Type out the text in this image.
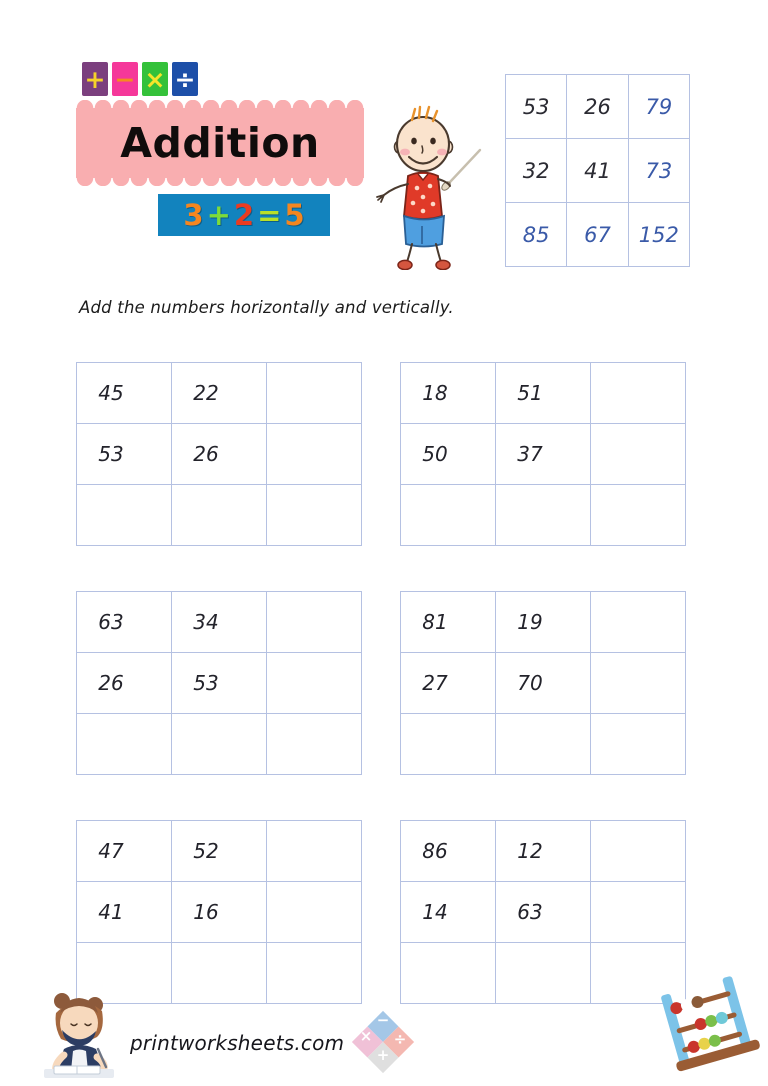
+ − × ÷
Addition
3 + 2 = 5
53	26	79
32	41	73
85	67	152
Add the numbers horizontally and vertically.
45	22	
53	26	

18	51	
50	37	

63	34	
26	53	

81	19	
27	70	

47	52	
41	16	

86	12	
14	63	

×
−
+
÷
printworksheets.com
